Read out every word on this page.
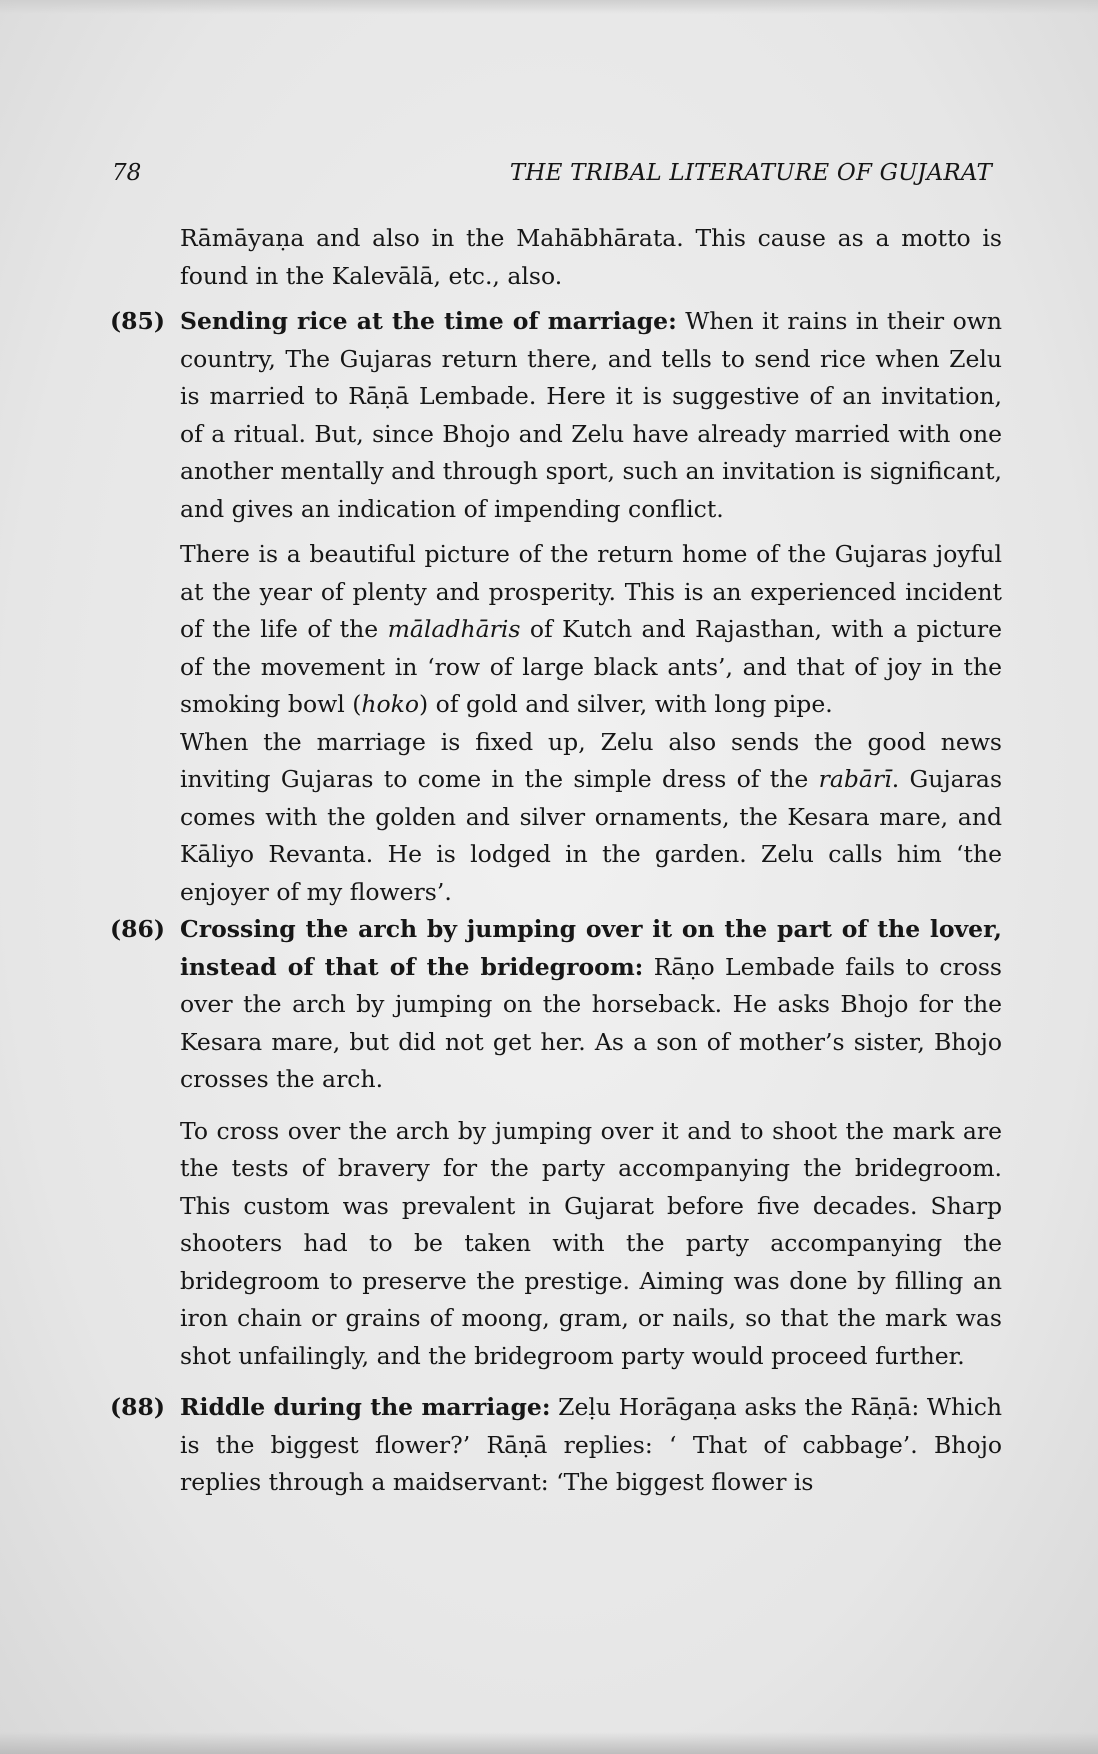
78	THE TRIBAL LITERATURE OF GUJARAT

Rāmāyaṇa and also in the Mahābhārata. This cause as a motto is found in the Kalevālā, etc., also.

(85) Sending rice at the time of marriage: When it rains in their own country, The Gujaras return there, and tells to send rice when Zelu is married to Rāṇā Lembade. Here it is suggestive of an invitation, of a ritual. But, since Bhojo and Zelu have already married with one another mentally and through sport, such an invitation is significant, and gives an indication of impending conflict.

There is a beautiful picture of the return home of the Gujaras joyful at the year of plenty and prosperity. This is an experienced incident of the life of the māladhāris of Kutch and Rajasthan, with a picture of the movement in ‘row of large black ants’, and that of joy in the smoking bowl (hoko) of gold and silver, with long pipe.

When the marriage is fixed up, Zelu also sends the good news inviting Gujaras to come in the simple dress of the rabārī. Gujaras comes with the golden and silver ornaments, the Kesara mare, and Kāliyo Revanta. He is lodged in the garden. Zelu calls him ‘the enjoyer of my flowers’.

(86) Crossing the arch by jumping over it on the part of the lover, instead of that of the bridegroom: Rāṇo Lembade fails to cross over the arch by jumping on the horseback. He asks Bhojo for the Kesara mare, but did not get her. As a son of mother’s sister, Bhojo crosses the arch.

To cross over the arch by jumping over it and to shoot the mark are the tests of bravery for the party accompanying the bridegroom. This custom was prevalent in Gujarat before five decades. Sharp shooters had to be taken with the party accompanying the bridegroom to preserve the prestige. Aiming was done by filling an iron chain or grains of moong, gram, or nails, so that the mark was shot unfailingly, and the bridegroom party would proceed further.

(88) Riddle during the marriage: Zeḷu Horāgaṇa asks the Rāṇā: Which is the biggest flower?’ Rāṇā replies: ‘ That of cabbage’. Bhojo replies through a maidservant: ‘The biggest flower is
